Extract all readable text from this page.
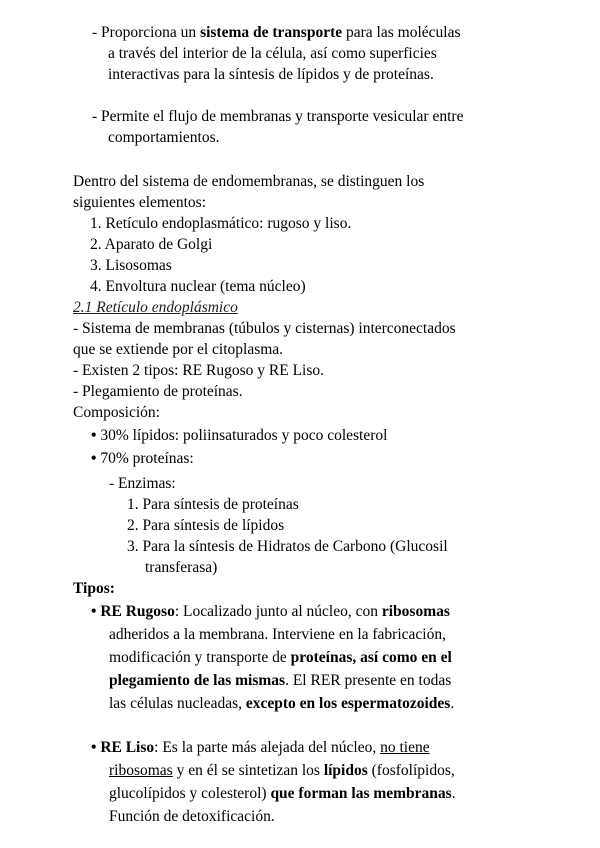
- Proporciona un sistema de transporte para las moléculas
a través del interior de la célula, así como superficies
interactivas para la síntesis de lípidos y de proteínas.
- Permite el flujo de membranas y transporte vesicular entre
comportamientos.
Dentro del sistema de endomembranas, se distinguen los
siguientes elementos:
1. Retículo endoplasmático: rugoso y liso.
2. Aparato de Golgi
3. Lisosomas
4. Envoltura nuclear (tema núcleo)
2.1 Retículo endoplásmico
- Sistema de membranas (túbulos y cisternas) interconectados
que se extiende por el citoplasma.
- Existen 2 tipos: RE Rugoso y RE Liso.
- Plegamiento de proteínas.
Composición:
• 30% lípidos: poliinsaturados y poco colesterol
• 70% proteínas:
- Enzimas:
1. Para síntesis de proteínas
2. Para síntesis de lípidos
3. Para la síntesis de Hidratos de Carbono (Glucosil
transferasa)
Tipos:
• RE Rugoso: Localizado junto al núcleo, con ribosomas
adheridos a la membrana. Interviene en la fabricación,
modificación y transporte de proteínas, así como en el
plegamiento de las mismas. El RER presente en todas
las células nucleadas, excepto en los espermatozoides.
• RE Liso: Es la parte más alejada del núcleo, no tiene
ribosomas y en él se sintetizan los lípidos (fosfolípidos,
glucolípidos y colesterol) que forman las membranas.
Función de detoxificación.
